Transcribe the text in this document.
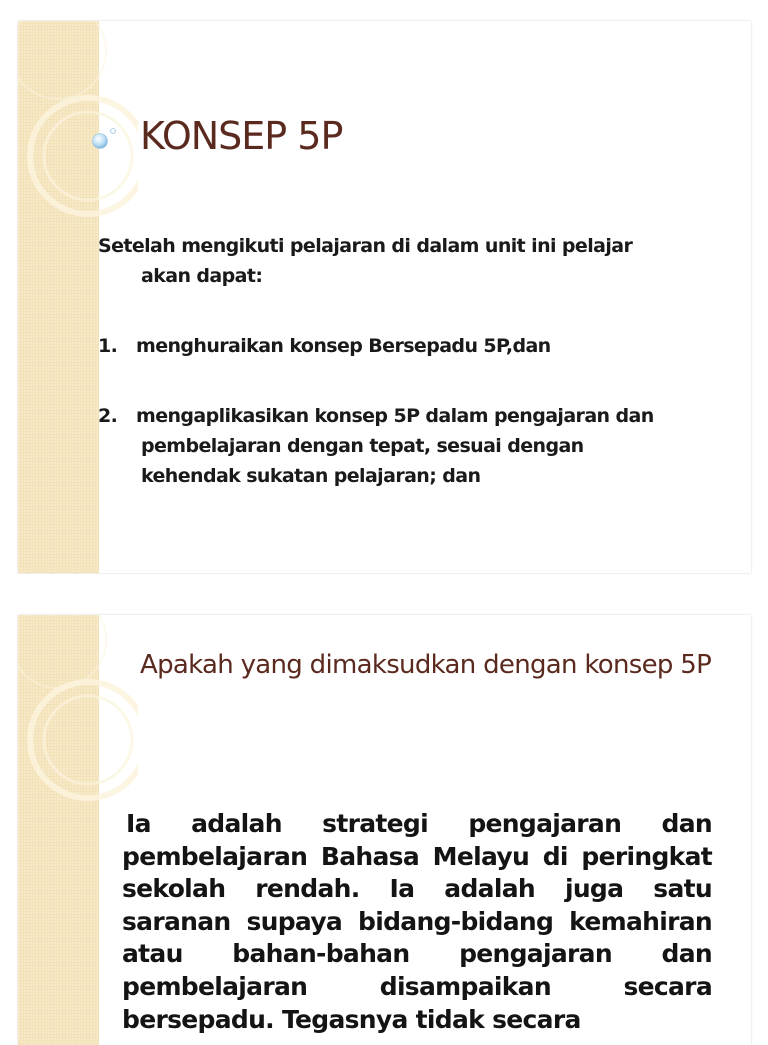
KONSEP 5P

Setelah mengikuti pelajaran di dalam unit ini pelajar
akan dapat:

1. menghuraikan konsep Bersepadu 5P,dan
2. mengaplikasikan konsep 5P dalam pengajaran dan
pembelajaran dengan tepat, sesuai dengan
kehendak sukatan pelajaran; dan
Apakah yang dimaksudkan dengan konsep 5P

Ia adalah strategi pengajaran dan pembelajaran Bahasa Melayu di peringkat sekolah rendah. Ia adalah juga satu saranan supaya bidang-bidang kemahiran atau bahan-bahan pengajaran dan pembelajaran disampaikan secara bersepadu. Tegasnya tidak secara
